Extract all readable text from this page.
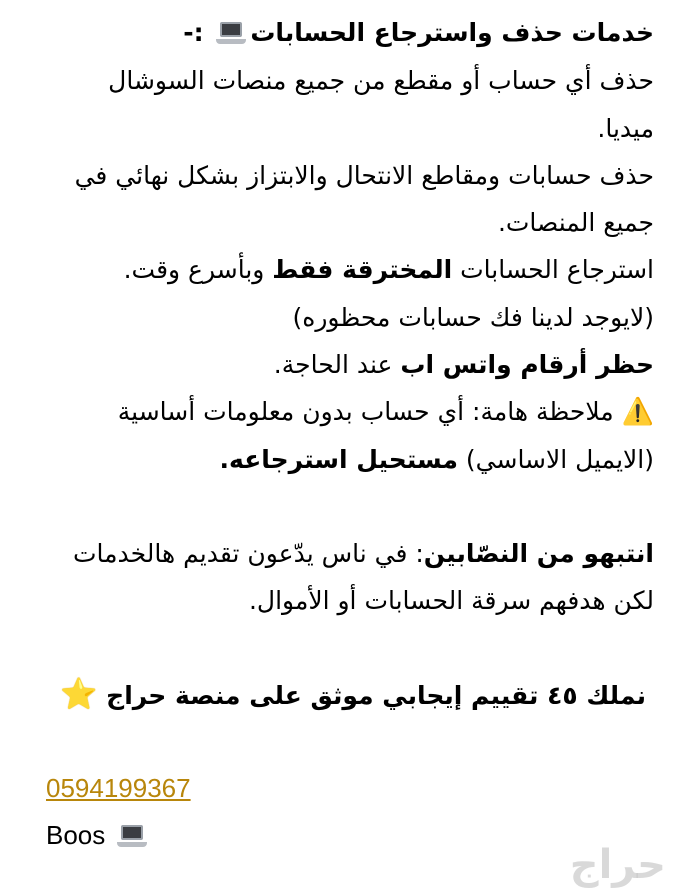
خدمات حذف واسترجاع الحسابات
:-
حذف أي حساب أو مقطع من جميع منصات السوشال
ميديا.
حذف حسابات ومقاطع الانتحال والابتزاز بشكل نهائي في
جميع المنصات.
استرجاع الحسابات المخترقة فقط وبأسرع وقت.
(لايوجد لدينا فك حسابات محظوره)
حظر أرقام واتس اب عند الحاجة.
⚠️ ملاحظة هامة: أي حساب بدون معلومات أساسية
(الايميل الاساسي) مستحيل استرجاعه.
انتبهو من النصّابين: في ناس يدّعون تقديم هالخدمات
لكن هدفهم سرقة الحسابات أو الأموال.
نملك ٤٥ تقييم إيجابي موثق على منصة حراج ⭐
0594199367
Boos
حراج
